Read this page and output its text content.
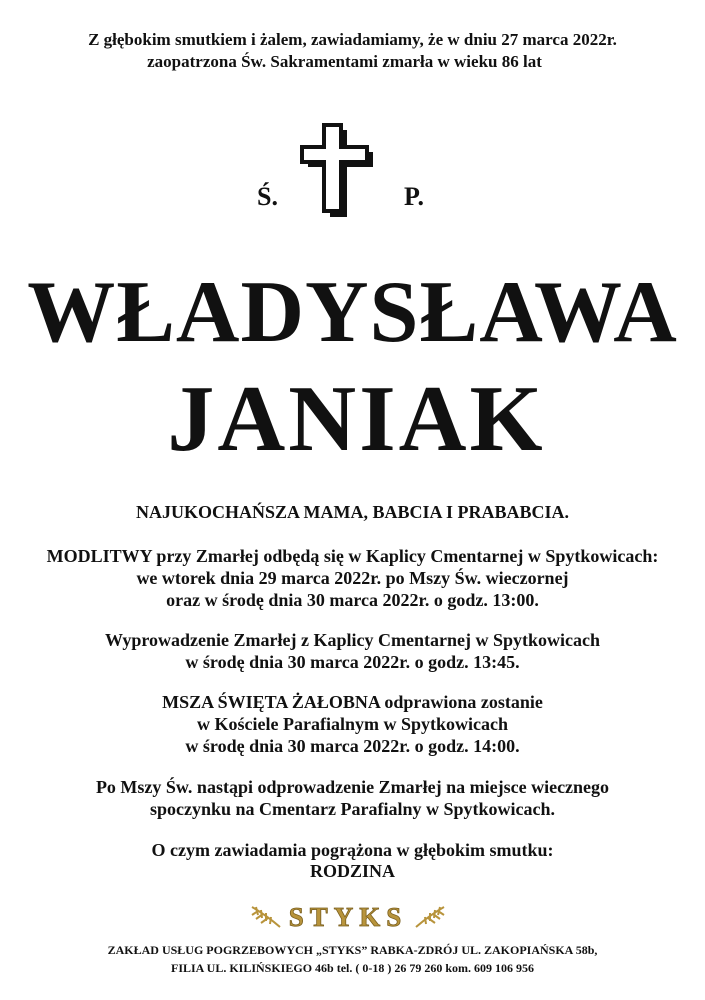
Z głębokim smutkiem i żalem, zawiadamiamy, że w dniu 27 marca 2022r.
zaopatrzona Św. Sakramentami zmarła w wieku 86 lat
Ś.	P.
WŁADYSŁAWA
JANIAK
NAJUKOCHAŃSZA MAMA, BABCIA I PRABABCIA.
MODLITWY przy Zmarłej odbędą się w Kaplicy Cmentarnej w Spytkowicach:
we wtorek dnia 29 marca 2022r. po Mszy Św. wieczornej
oraz w środę dnia 30 marca 2022r. o godz. 13:00.
Wyprowadzenie Zmarłej z Kaplicy Cmentarnej w Spytkowicach
w środę dnia 30 marca 2022r. o godz. 13:45.
MSZA ŚWIĘTA ŻAŁOBNA odprawiona zostanie
w Kościele Parafialnym w Spytkowicach
w środę dnia 30 marca 2022r. o godz. 14:00.
Po Mszy Św. nastąpi odprowadzenie Zmarłej na miejsce wiecznego
spoczynku na Cmentarz Parafialny w Spytkowicach.
O czym zawiadamia pogrążona w głębokim smutku:
RODZINA
STYKS
ZAKŁAD USŁUG POGRZEBOWYCH „STYKS” RABKA-ZDRÓJ UL. ZAKOPIAŃSKA 58b,
FILIA UL. KILIŃSKIEGO 46b tel. ( 0-18 ) 26 79 260 kom. 609 106 956
